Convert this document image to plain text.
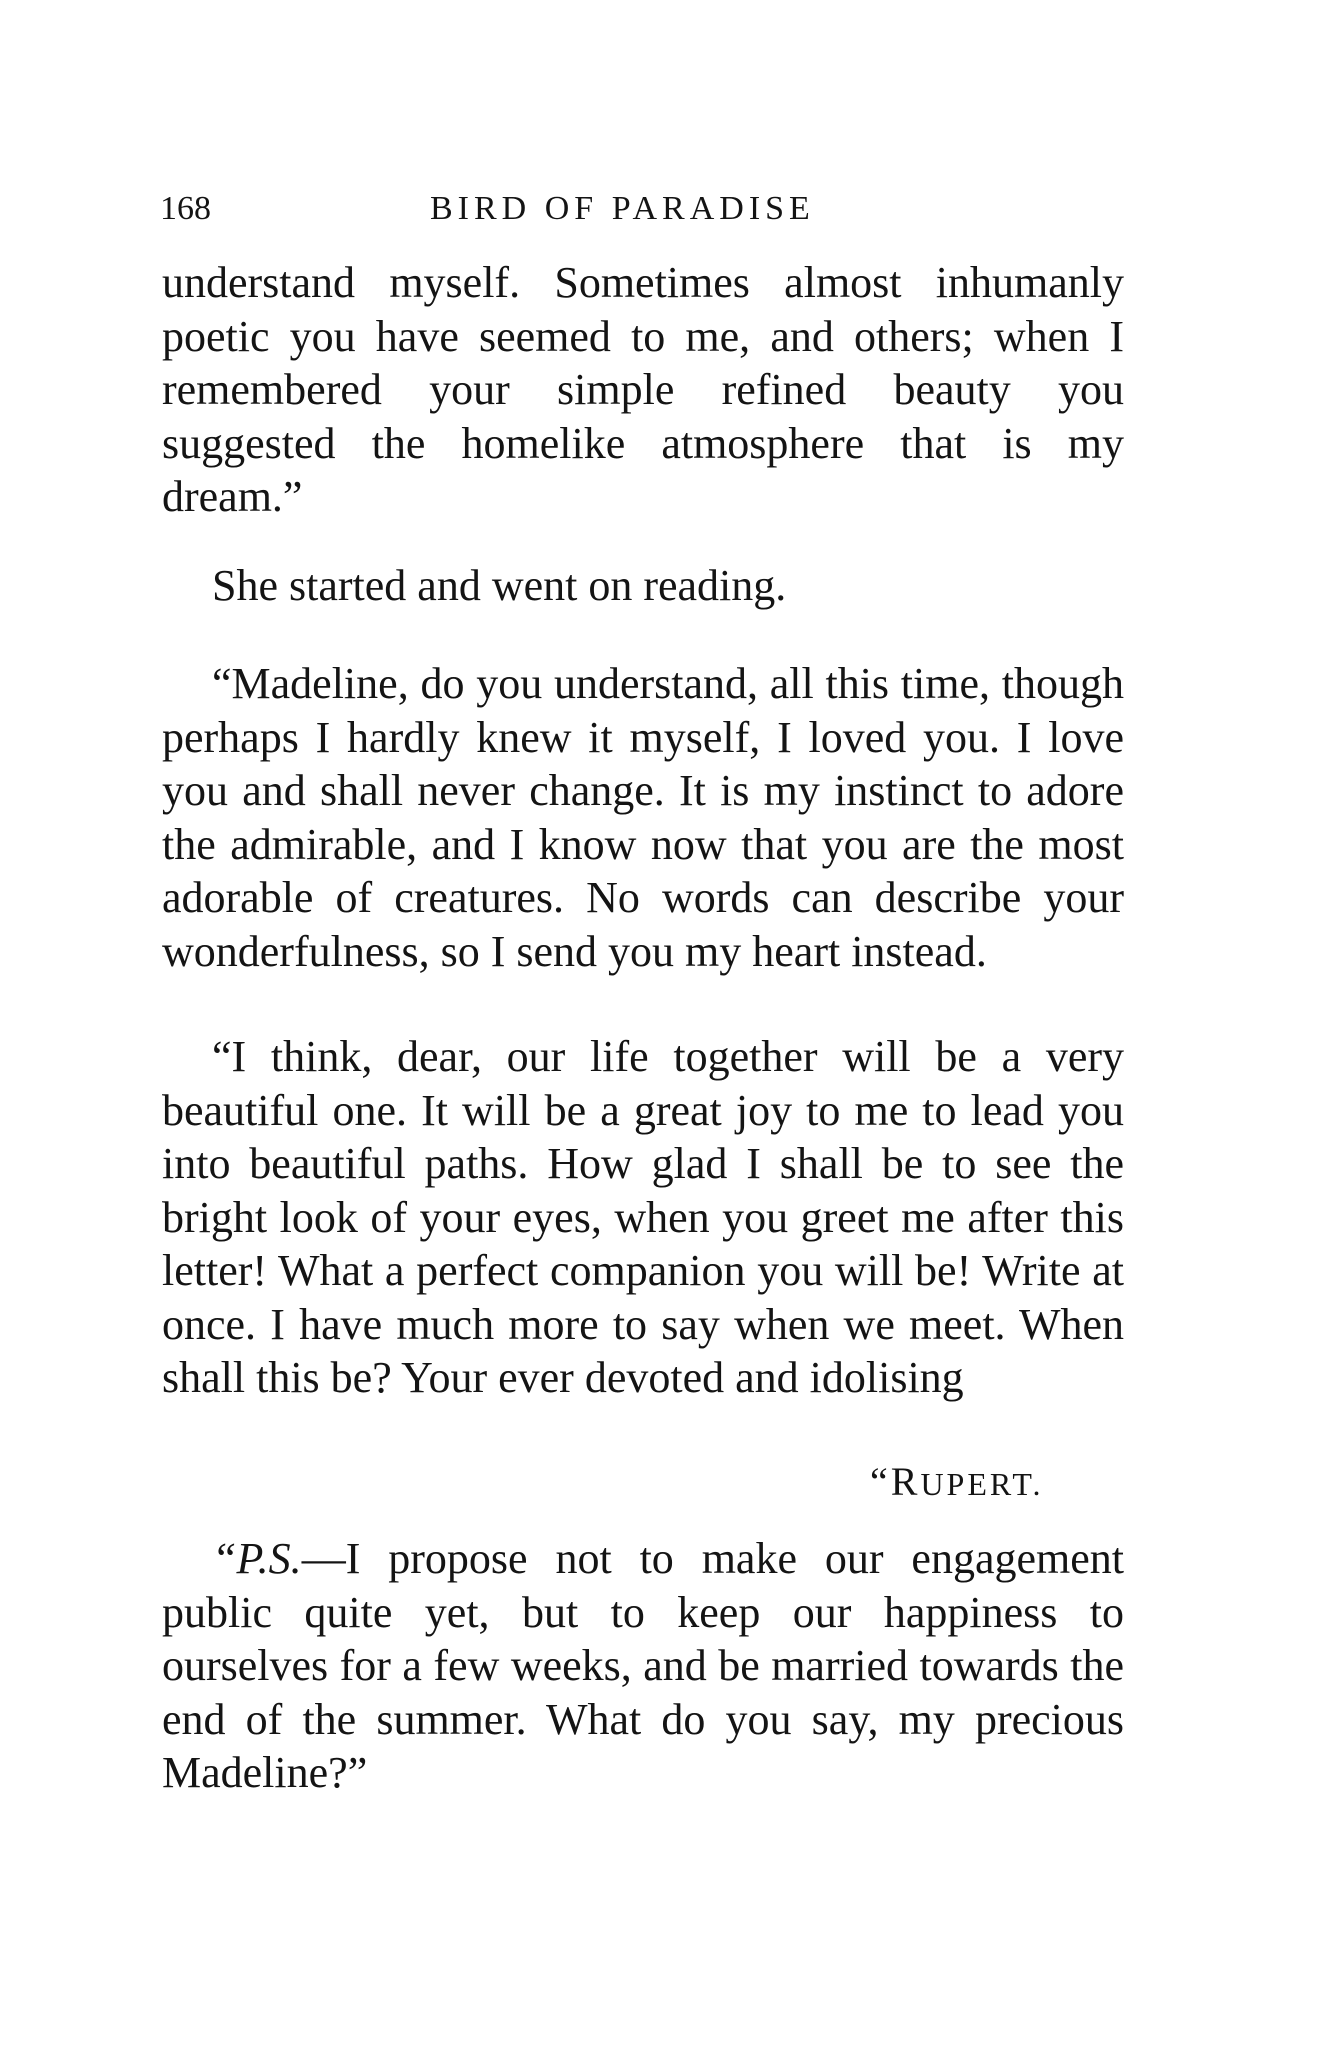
168	BIRD OF PARADISE

understand myself. Sometimes almost inhumanly poetic you have seemed to me, and others; when I remembered your simple refined beauty you suggested the homelike atmosphere that is my dream.”

She started and went on reading.

“Madeline, do you understand, all this time, though perhaps I hardly knew it myself, I loved you. I love you and shall never change. It is my instinct to adore the admirable, and I know now that you are the most adorable of creatures. No words can describe your wonderfulness, so I send you my heart instead.

“I think, dear, our life together will be a very beautiful one. It will be a great joy to me to lead you into beautiful paths. How glad I shall be to see the bright look of your eyes, when you greet me after this letter! What a perfect companion you will be! Write at once. I have much more to say when we meet. When shall this be? Your ever devoted and idolising

“RUPERT.

“P.S.—I propose not to make our engagement public quite yet, but to keep our happiness to ourselves for a few weeks, and be married towards the end of the summer. What do you say, my precious Madeline?”
